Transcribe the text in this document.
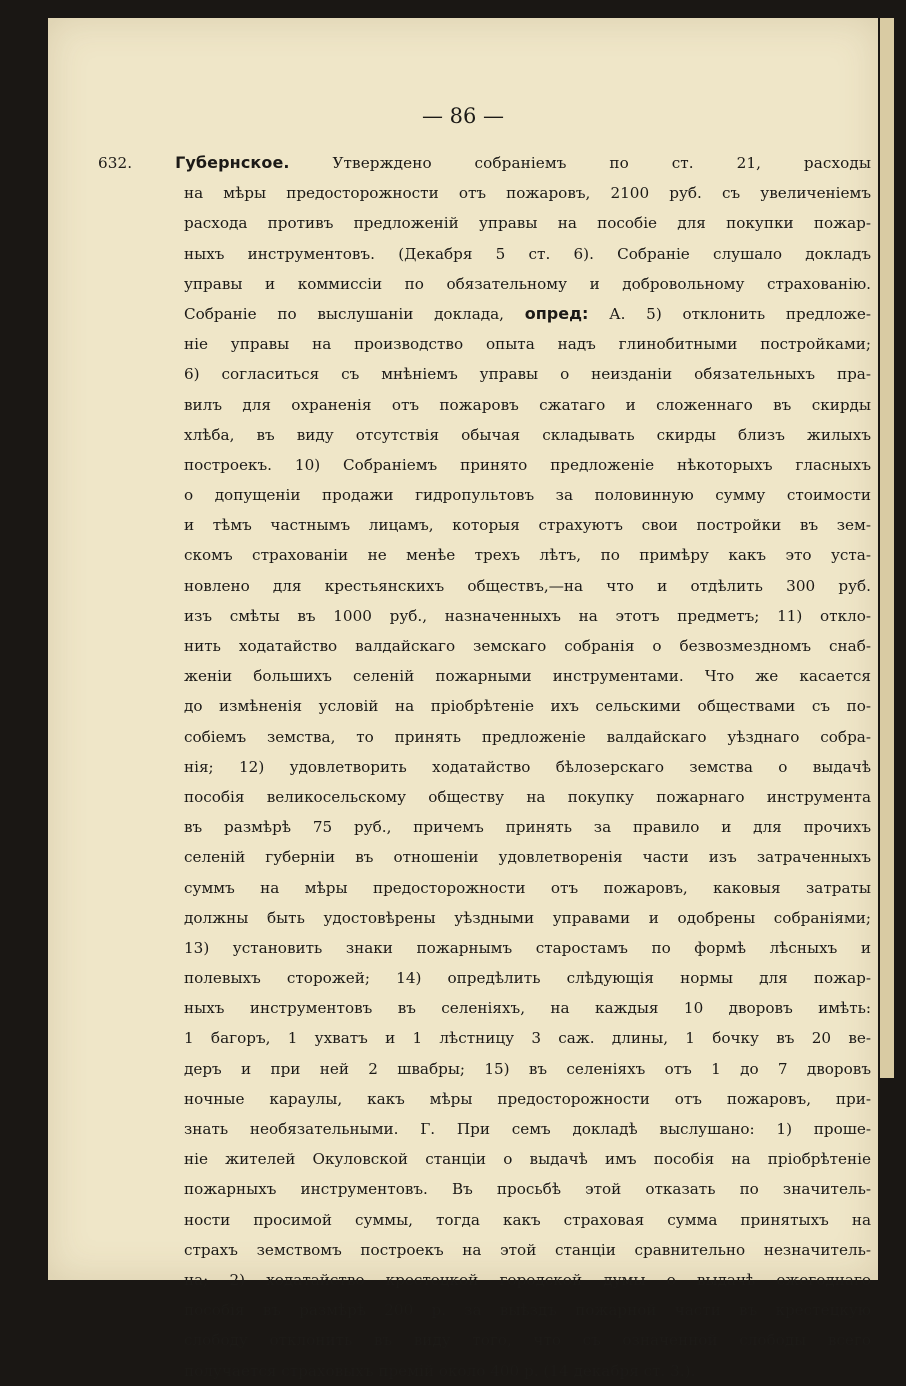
— 86 —
632.	Губернское.	Утверждено собраніемъ по ст. 21, расходы
на мѣры предосторожности отъ пожаровъ, 2100 руб. съ увеличеніемъ
расхода противъ предложеній управы на пособіе для покупки пожар-
ныхъ инструментовъ. (Декабря 5 ст. 6). Собраніе слушало докладъ
управы и коммиссіи по обязательному и добровольному страхованію.
Собраніе по выслушаніи доклада, опред: А. 5) отклонить предложе-
ніе управы на производство опыта надъ глинобитными постройками;
6) согласиться съ мнѣніемъ управы о неизданіи обязательныхъ пра-
вилъ для охраненія отъ пожаровъ сжатаго и сложеннаго въ скирды
хлѣба, въ виду отсутствія обычая складывать скирды близъ жилыхъ
построекъ. 10) Собраніемъ принято предложеніе нѣкоторыхъ гласныхъ
о допущеніи продажи гидропультовъ за половинную сумму стоимости
и тѣмъ частнымъ лицамъ, которыя страхуютъ свои постройки въ зем-
скомъ страхованіи не менѣе трехъ лѣтъ, по примѣру какъ это уста-
новлено для крестьянскихъ обществъ,—на что и отдѣлить 300 руб.
изъ смѣты въ 1000 руб., назначенныхъ на этотъ предметъ; 11) откло-
нить ходатайство валдайскаго земскаго собранія о безвозмездномъ снаб-
женіи большихъ селеній пожарными инструментами. Что же касается
до измѣненія условій на пріобрѣтеніе ихъ сельскими обществами съ по-
собіемъ земства, то принять предложеніе валдайскаго уѣзднаго собра-
нія; 12) удовлетворить ходатайство бѣлозерскаго земства о выдачѣ
пособія великосельскому обществу на покупку пожарнаго инструмента
въ размѣрѣ 75 руб., причемъ принять за правило и для прочихъ
селеній губерніи въ отношеніи удовлетворенія части изъ затраченныхъ
суммъ на мѣры предосторожности отъ пожаровъ, каковыя затраты
должны быть удостовѣрены уѣздными управами и одобрены собраніями;
13) установить знаки пожарнымъ старостамъ по формѣ лѣсныхъ и
полевыхъ сторожей; 14) опредѣлить слѣдующія нормы для пожар-
ныхъ инструментовъ въ селеніяхъ, на каждыя 10 дворовъ имѣть:
1 багоръ, 1 ухватъ и 1 лѣстницу 3 саж. длины, 1 бочку въ 20 ве-
деръ и при ней 2 швабры; 15) въ селеніяхъ отъ 1 до 7 дворовъ
ночные караулы, какъ мѣры предосторожности отъ пожаровъ, при-
знать необязательными. Г. При семъ докладѣ выслушано: 1) проше-
ніе жителей Окуловской станціи о выдачѣ имъ пособія на пріобрѣтеніе
пожарныхъ инструментовъ. Въ просьбѣ этой отказать по значитель-
ности просимой суммы, тогда какъ страховая сумма принятыхъ на
страхъ земствомъ построекъ на этой станціи сравнительно незначитель-
на; 2) ходатайство крестецкой городской думы о выдачѣ ежегоднаго
пособія въ размѣрѣ 200 р. за выѣздъ пожарной части въ крестецкую
слободу отклонить въ виду того, что съ означенной слободы всего
получается страховыхъ премій около 400 р. (14 декабря ст. 3.).
